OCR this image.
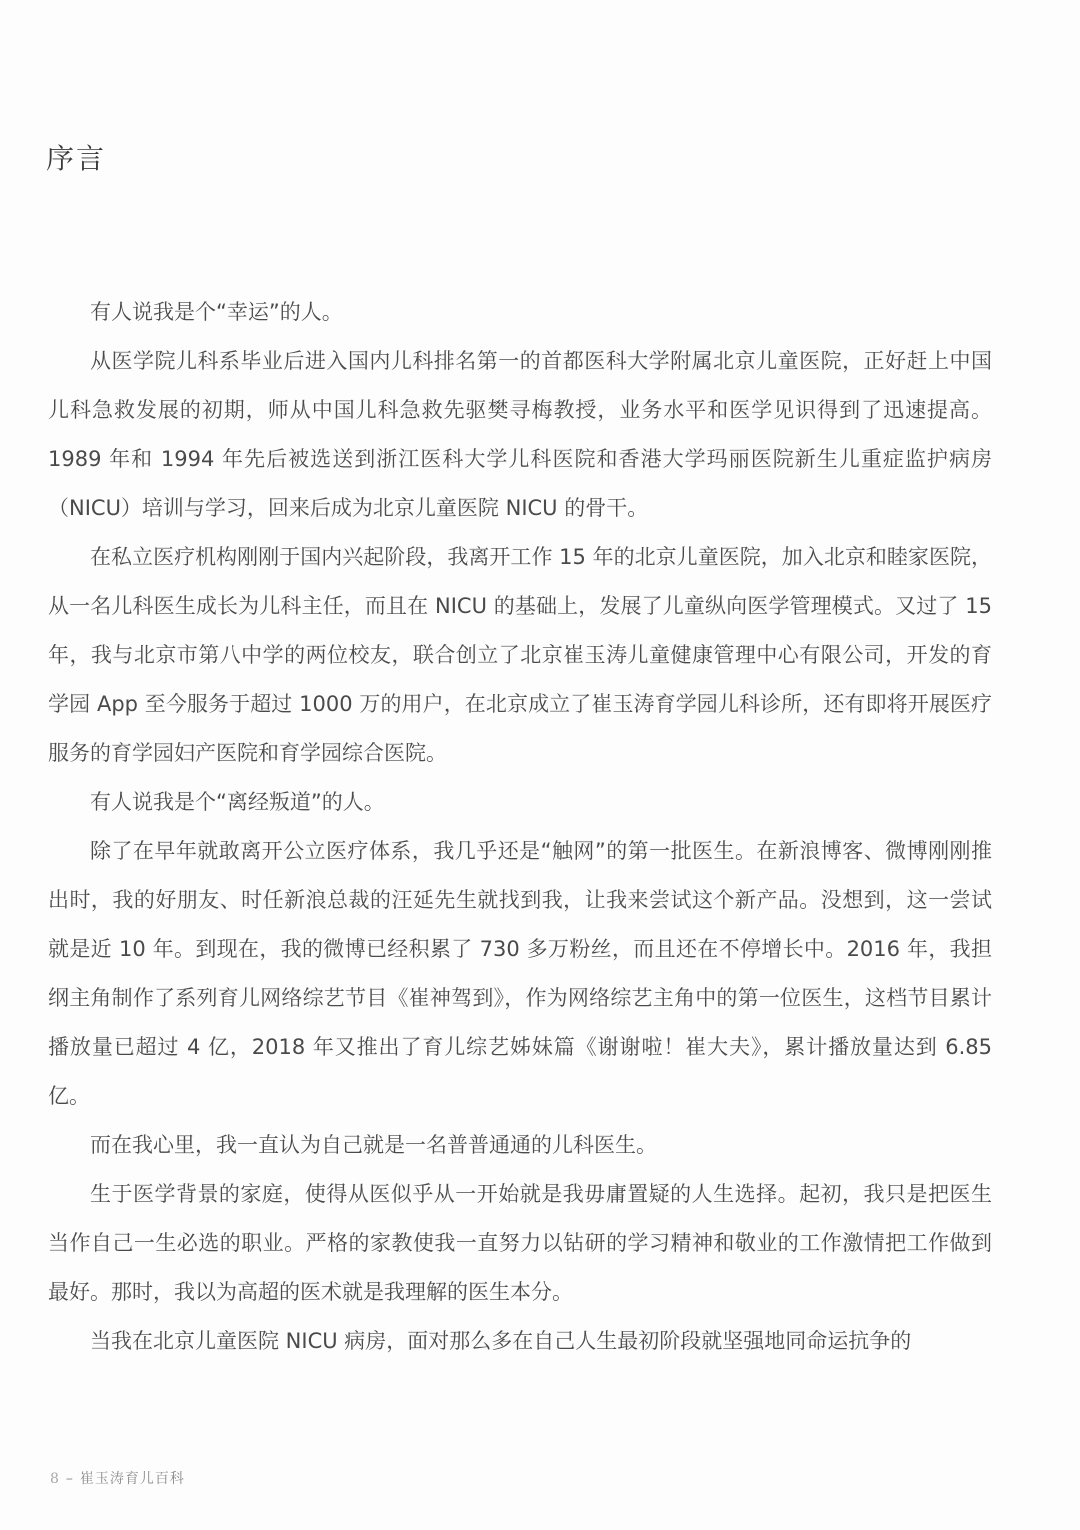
序言

有人说我是个“幸运”的人。

从医学院儿科系毕业后进入国内儿科排名第一的首都医科大学附属北京儿童医院，正好赶上中国儿科急救发展的初期，师从中国儿科急救先驱樊寻梅教授，业务水平和医学见识得到了迅速提高。1989 年和 1994 年先后被选送到浙江医科大学儿科医院和香港大学玛丽医院新生儿重症监护病房（NICU）培训与学习，回来后成为北京儿童医院 NICU 的骨干。

在私立医疗机构刚刚于国内兴起阶段，我离开工作 15 年的北京儿童医院，加入北京和睦家医院，从一名儿科医生成长为儿科主任，而且在 NICU 的基础上，发展了儿童纵向医学管理模式。又过了 15 年，我与北京市第八中学的两位校友，联合创立了北京崔玉涛儿童健康管理中心有限公司，开发的育学园 App 至今服务于超过 1000 万的用户，在北京成立了崔玉涛育学园儿科诊所，还有即将开展医疗服务的育学园妇产医院和育学园综合医院。

有人说我是个“离经叛道”的人。

除了在早年就敢离开公立医疗体系，我几乎还是“触网”的第一批医生。在新浪博客、微博刚刚推出时，我的好朋友、时任新浪总裁的汪延先生就找到我，让我来尝试这个新产品。没想到，这一尝试就是近 10 年。到现在，我的微博已经积累了 730 多万粉丝，而且还在不停增长中。2016 年，我担纲主角制作了系列育儿网络综艺节目《崔神驾到》，作为网络综艺主角中的第一位医生，这档节目累计播放量已超过 4 亿，2018 年又推出了育儿综艺姊妹篇《谢谢啦！崔大夫》，累计播放量达到 6.85 亿。

而在我心里，我一直认为自己就是一名普普通通的儿科医生。

生于医学背景的家庭，使得从医似乎从一开始就是我毋庸置疑的人生选择。起初，我只是把医生当作自己一生必选的职业。严格的家教使我一直努力以钻研的学习精神和敬业的工作激情把工作做到最好。那时，我以为高超的医术就是我理解的医生本分。

当我在北京儿童医院 NICU 病房，面对那么多在自己人生最初阶段就坚强地同命运抗争的

8 – 崔玉涛育儿百科
